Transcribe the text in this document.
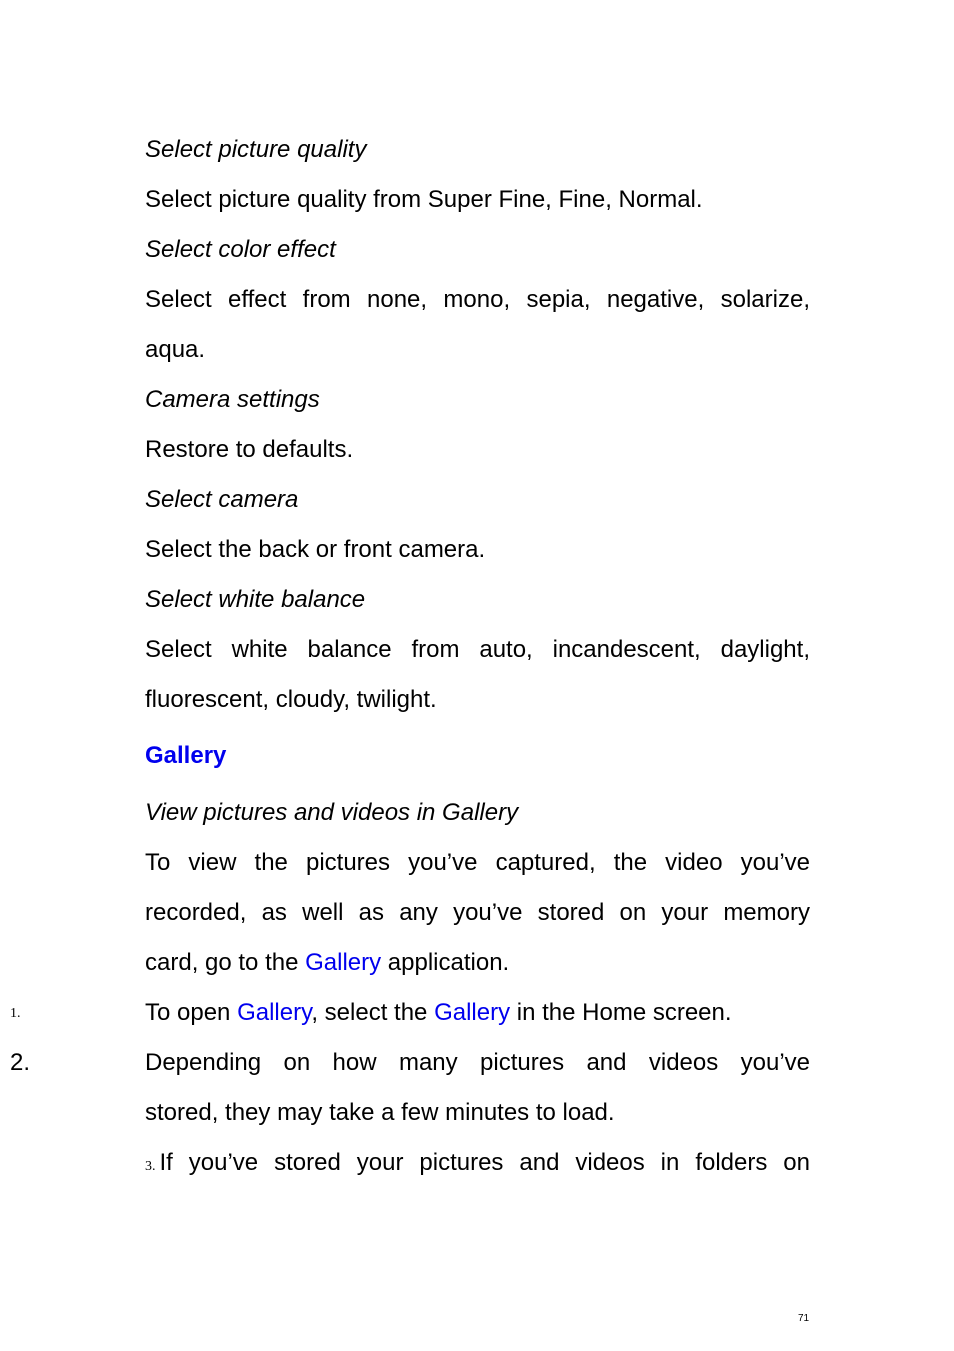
Select picture quality
Select picture quality from Super Fine, Fine, Normal.
Select color effect
Select effect from none, mono, sepia, negative, solarize,
aqua.
Camera settings
Restore to defaults.
Select camera
Select the back or front camera.
Select white balance
Select white balance from auto, incandescent, daylight,
fluorescent, cloudy, twilight.
Gallery
View pictures and videos in Gallery
To view the pictures you’ve captured, the video you’ve
recorded, as well as any you’ve stored on your memory
card, go to the Gallery application.
1.	To open Gallery, select the Gallery in the Home screen.
2.	Depending on how many pictures and videos you’ve
stored, they may take a few minutes to load.
3. If you’ve stored your pictures and videos in folders on
71
